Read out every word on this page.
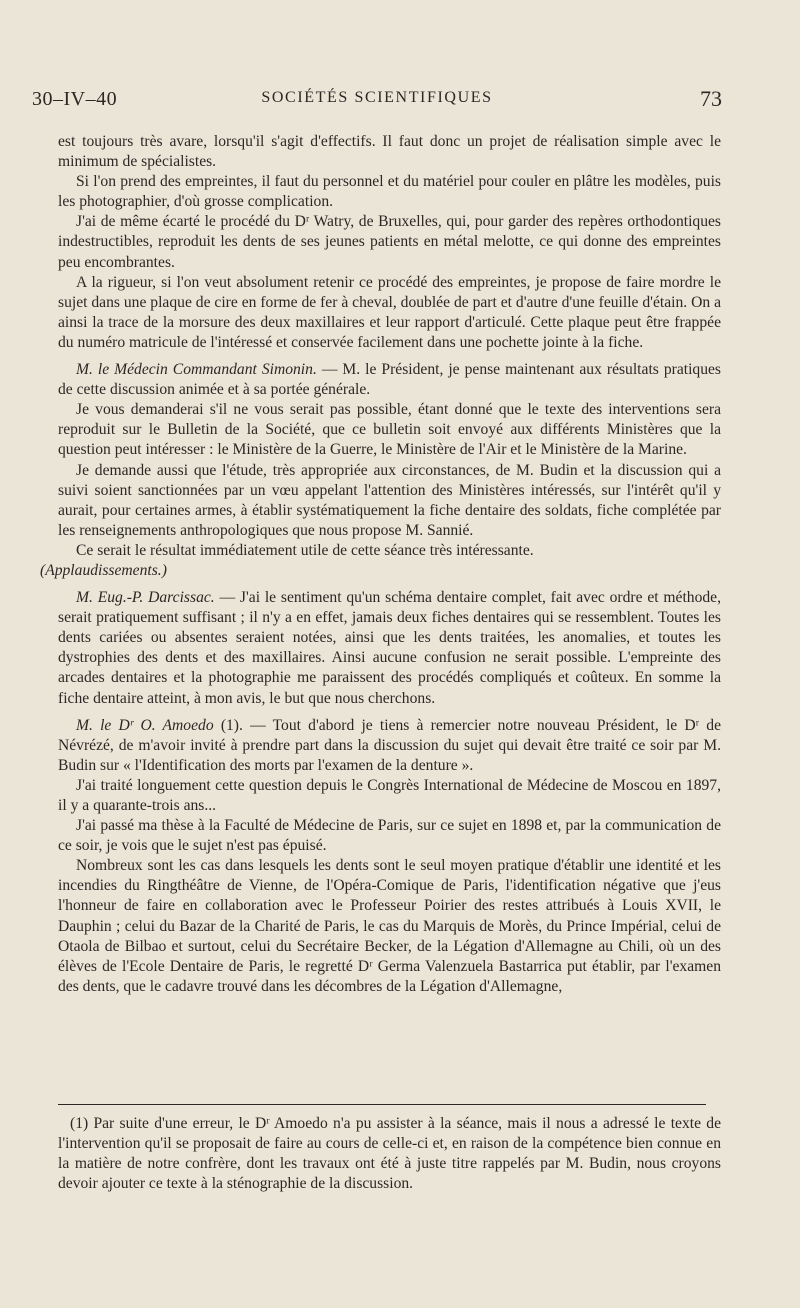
30–IV–40	SOCIÉTÉS SCIENTIFIQUES	73

est toujours très avare, lorsqu'il s'agit d'effectifs. Il faut donc un projet de réalisation simple avec le minimum de spécialistes.

Si l'on prend des empreintes, il faut du personnel et du matériel pour couler en plâtre les modèles, puis les photographier, d'où grosse complication.

J'ai de même écarté le procédé du Dʳ Watry, de Bruxelles, qui, pour garder des repères orthodontiques indestructibles, reproduit les dents de ses jeunes patients en métal melotte, ce qui donne des empreintes peu encombrantes.

A la rigueur, si l'on veut absolument retenir ce procédé des empreintes, je propose de faire mordre le sujet dans une plaque de cire en forme de fer à cheval, doublée de part et d'autre d'une feuille d'étain. On a ainsi la trace de la morsure des deux maxillaires et leur rapport d'articulé. Cette plaque peut être frappée du numéro matricule de l'intéressé et conservée facilement dans une pochette jointe à la fiche.

M. le Médecin Commandant Simonin. — M. le Président, je pense maintenant aux résultats pratiques de cette discussion animée et à sa portée générale.

Je vous demanderai s'il ne vous serait pas possible, étant donné que le texte des interventions sera reproduit sur le Bulletin de la Société, que ce bulletin soit envoyé aux différents Ministères que la question peut intéresser : le Ministère de la Guerre, le Ministère de l'Air et le Ministère de la Marine.

Je demande aussi que l'étude, très appropriée aux circonstances, de M. Budin et la discussion qui a suivi soient sanctionnées par un vœu appelant l'attention des Ministères intéressés, sur l'intérêt qu'il y aurait, pour certaines armes, à établir systématiquement la fiche dentaire des soldats, fiche complétée par les renseignements anthropologiques que nous propose M. Sannié.

Ce serait le résultat immédiatement utile de cette séance très intéressante.
(Applaudissements.)

M. Eug.-P. Darcissac. — J'ai le sentiment qu'un schéma dentaire complet, fait avec ordre et méthode, serait pratiquement suffisant ; il n'y a en effet, jamais deux fiches dentaires qui se ressemblent. Toutes les dents cariées ou absentes seraient notées, ainsi que les dents traitées, les anomalies, et toutes les dystrophies des dents et des maxillaires. Ainsi aucune confusion ne serait possible. L'empreinte des arcades dentaires et la photographie me paraissent des procédés compliqués et coûteux. En somme la fiche dentaire atteint, à mon avis, le but que nous cherchons.

M. le Dʳ O. Amoedo (1). — Tout d'abord je tiens à remercier notre nouveau Président, le Dʳ de Névrézé, de m'avoir invité à prendre part dans la discussion du sujet qui devait être traité ce soir par M. Budin sur « l'Identification des morts par l'examen de la denture ».

J'ai traité longuement cette question depuis le Congrès International de Médecine de Moscou en 1897, il y a quarante-trois ans...

J'ai passé ma thèse à la Faculté de Médecine de Paris, sur ce sujet en 1898 et, par la communication de ce soir, je vois que le sujet n'est pas épuisé.

Nombreux sont les cas dans lesquels les dents sont le seul moyen pratique d'établir une identité et les incendies du Ringthéâtre de Vienne, de l'Opéra-Comique de Paris, l'identification négative que j'eus l'honneur de faire en collaboration avec le Professeur Poirier des restes attribués à Louis XVII, le Dauphin ; celui du Bazar de la Charité de Paris, le cas du Marquis de Morès, du Prince Impérial, celui de Otaola de Bilbao et surtout, celui du Secrétaire Becker, de la Légation d'Allemagne au Chili, où un des élèves de l'Ecole Dentaire de Paris, le regretté Dʳ Germa Valenzuela Bastarrica put établir, par l'examen des dents, que le cadavre trouvé dans les décombres de la Légation d'Allemagne,

(1) Par suite d'une erreur, le Dʳ Amoedo n'a pu assister à la séance, mais il nous a adressé le texte de l'intervention qu'il se proposait de faire au cours de celle-ci et, en raison de la compétence bien connue en la matière de notre confrère, dont les travaux ont été à juste titre rappelés par M. Budin, nous croyons devoir ajouter ce texte à la sténographie de la discussion.
